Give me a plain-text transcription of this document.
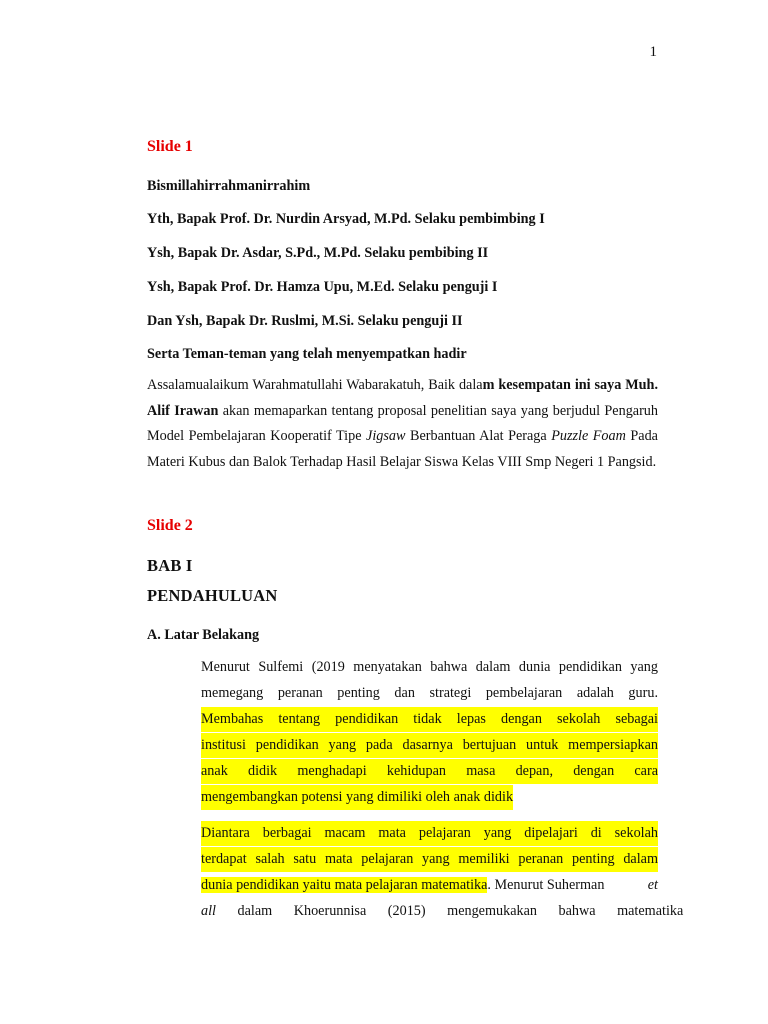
1
Slide 1
Bismillahirrahmanirrahim
Yth, Bapak Prof. Dr. Nurdin Arsyad, M.Pd. Selaku pembimbing I
Ysh, Bapak Dr. Asdar, S.Pd., M.Pd. Selaku pembibing II
Ysh, Bapak Prof. Dr. Hamza Upu, M.Ed. Selaku penguji I
Dan Ysh, Bapak Dr. Ruslmi, M.Si. Selaku penguji II
Serta Teman-teman yang telah menyempatkan hadir
Assalamualaikum Warahmatullahi Wabarakatuh, Baik dalam kesempatan ini saya Muh. Alif Irawan akan memaparkan tentang proposal penelitian saya yang berjudul Pengaruh Model Pembelajaran Kooperatif Tipe Jigsaw Berbantuan Alat Peraga Puzzle Foam Pada Materi Kubus dan Balok Terhadap Hasil Belajar Siswa Kelas VIII Smp Negeri 1 Pangsid.
Slide 2
BAB I
PENDAHULUAN
A. Latar Belakang
Menurut Sulfemi (2019 menyatakan bahwa dalam dunia pendidikan yang
memegang peranan penting dan strategi pembelajaran adalah guru.
Membahas tentang pendidikan tidak lepas dengan sekolah sebagai
institusi pendidikan yang pada dasarnya bertujuan untuk mempersiapkan
anak didik menghadapi kehidupan masa depan, dengan cara
mengembangkan potensi yang dimiliki oleh anak didik
Diantara berbagai macam mata pelajaran yang dipelajari di sekolah
terdapat salah satu mata pelajaran yang memiliki peranan penting dalam
dunia pendidikan yaitu mata pelajaran matematika. Menurut Suherman	et
all dalam Khoerunnisa (2015) mengemukakan bahwa matematika
